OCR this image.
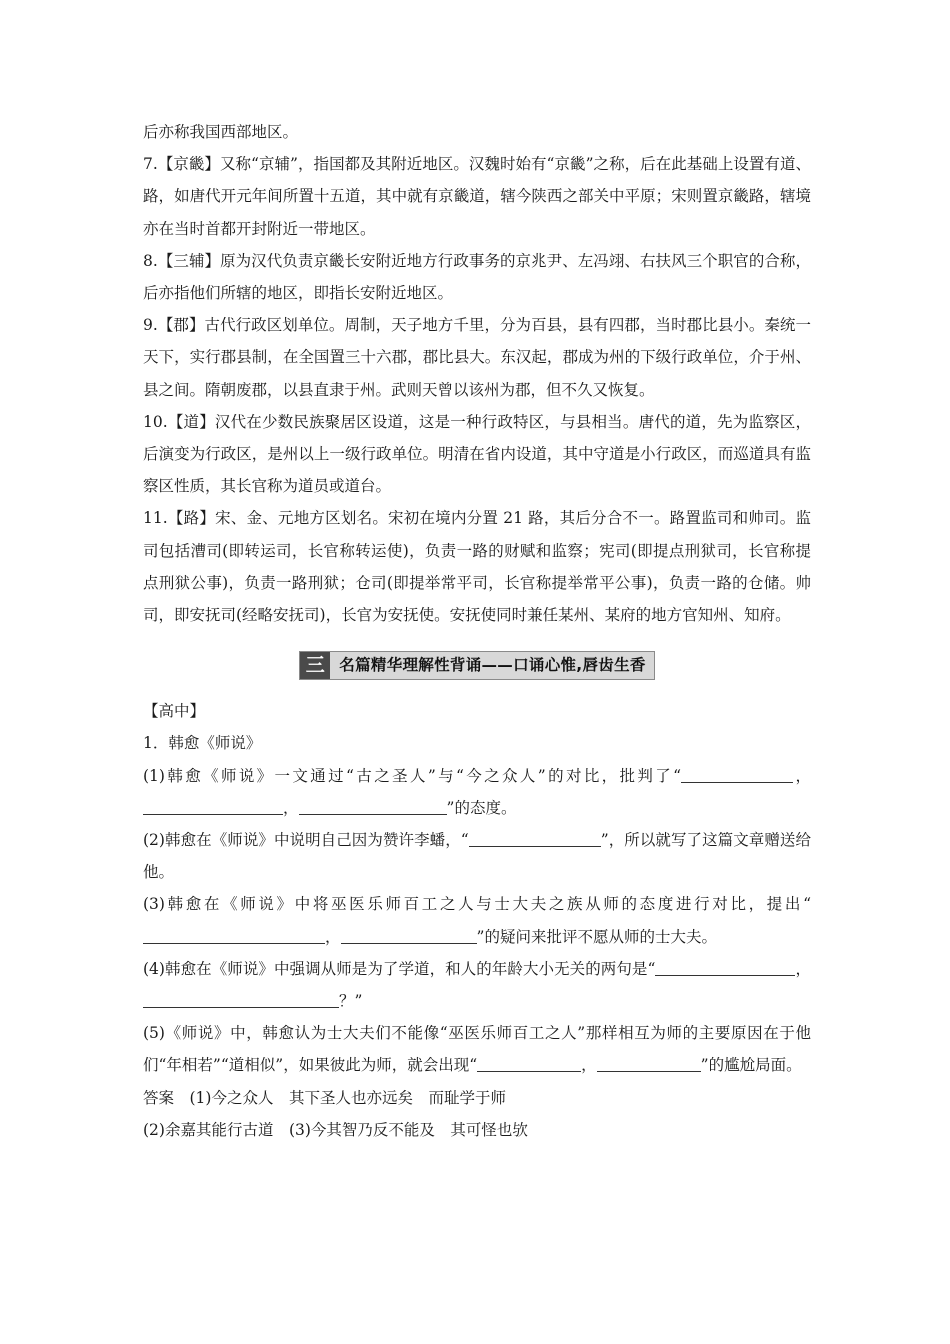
后亦称我国西部地区。

7.【京畿】又称“京辅”，指国都及其附近地区。汉魏时始有“京畿”之称，后在此基础上设置有道、路，如唐代开元年间所置十五道，其中就有京畿道，辖今陕西之部关中平原；宋则置京畿路，辖境亦在当时首都开封附近一带地区。

8.【三辅】原为汉代负责京畿长安附近地方行政事务的京兆尹、左冯翊、右扶风三个职官的合称，后亦指他们所辖的地区，即指长安附近地区。

9.【郡】古代行政区划单位。周制，天子地方千里，分为百县，县有四郡，当时郡比县小。秦统一天下，实行郡县制，在全国置三十六郡，郡比县大。东汉起，郡成为州的下级行政单位，介于州、县之间。隋朝废郡，以县直隶于州。武则天曾以该州为郡，但不久又恢复。

10.【道】汉代在少数民族聚居区设道，这是一种行政特区，与县相当。唐代的道，先为监察区，后演变为行政区，是州以上一级行政单位。明清在省内设道，其中守道是小行政区，而巡道具有监察区性质，其长官称为道员或道台。

11.【路】宋、金、元地方区划名。宋初在境内分置 21 路，其后分合不一。路置监司和帅司。监司包括漕司(即转运司，长官称转运使)，负责一路的财赋和监察；宪司(即提点刑狱司，长官称提点刑狱公事)，负责一路刑狱；仓司(即提举常平司，长官称提举常平公事)，负责一路的仓储。帅司，即安抚司(经略安抚司)，长官为安抚使。安抚使同时兼任某州、某府的地方官知州、知府。

三 名篇精华理解性背诵——口诵心惟,唇齿生香

【高中】

1．韩愈《师说》

(1)韩愈《师说》一文通过“古之圣人”与“今之众人”的对比，批判了“	，，	”的态度。

(2)韩愈在《师说》中说明自己因为赞许李蟠，“	”，所以就写了这篇文章赠送给他。

(3)韩愈在《师说》中将巫医乐师百工之人与士大夫之族从师的态度进行对比，提出“，	”的疑问来批评不愿从师的士大夫。

(4)韩愈在《师说》中强调从师是为了学道，和人的年龄大小无关的两句是“	，？”

(5)《师说》中，韩愈认为士大夫们不能像“巫医乐师百工之人”那样相互为师的主要原因在于他们“年相若”“道相似”，如果彼此为师，就会出现“	，	”的尴尬局面。

答案　(1)今之众人　其下圣人也亦远矣　而耻学于师

(2)余嘉其能行古道　(3)今其智乃反不能及　其可怪也欤
